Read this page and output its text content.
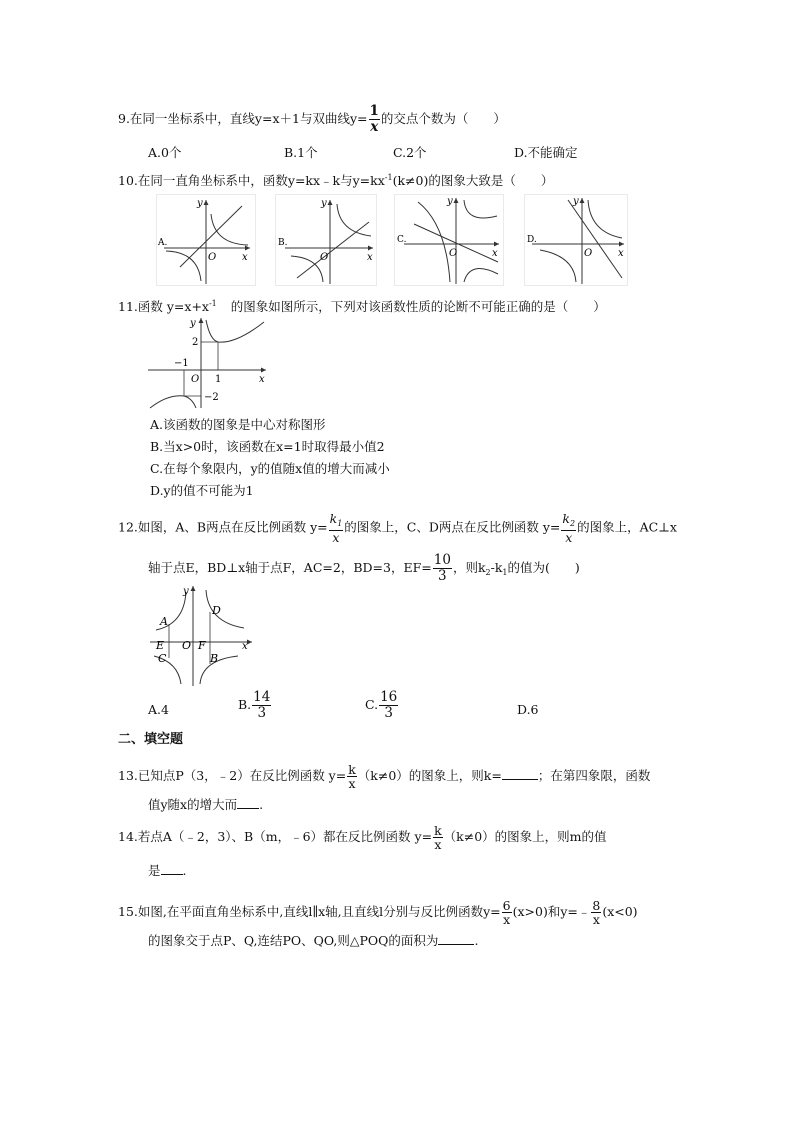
9.在同一坐标系中，直线y=x＋1与双曲线$y= \frac{1}{x}$ 的交点个数为（　　）
A.0个	B.1个	C.2个	D.不能确定
10.在同一直角坐标系中，函数y=kx﹣k与$y=kx^{-1}(k\ne 0)$的图象大致是（　　）
A.
y
O	x
B.
y
O	x
C.
y
O	x
D.
y
O	x
11.函数 $y=x+x^{-1}$ 的图象如图所示，下列对该函数性质的论断不可能正确的是（　　）
y
2
−1
O 1	x
−2
A.该函数的图象是中心对称图形
B.当x>0时，该函数在x=1时取得最小值2
C.在每个象限内，y的值随x值的增大而减小
D.y的值不可能为1
12.如图，A、B两点在反比例函数 $y= \frac{k_1}{x}$ 的图象上，C、D两点在反比例函数 $y= \frac{k_2}{x}$ 的图象上，AC⊥x
轴于点E，BD⊥x轴于点F，AC=2，BD=3，$EF= \frac{10}{3}$ ，则$k_2-k_1$的值为(　　)
y
A
D
E O F	x
C	B
A.4	B. $\frac{14}{3}$	C. $\frac{16}{3}$	D.6
二、填空题
13.已知点P（3，﹣2）在反比例函数 $y= \frac{k}{x} (k\ne 0)$的图象上，则k=	；在第四象限，函数
值y随x的增大而 .
14.若点A（﹣2，3）、B（m，﹣6）都在反比例函数 $y= \frac{k}{x} (k\ne 0)$的图象上，则m的值
是 .
15.如图,在平面直角坐标系中,直线l∥x轴,且直线l分别与反比例函数$y= \frac{6}{x} (x>0)$和y=﹣ $\frac{8}{x} (x<0)$
的图象交于点P、Q,连结PO、QO,则△POQ的面积为	.
